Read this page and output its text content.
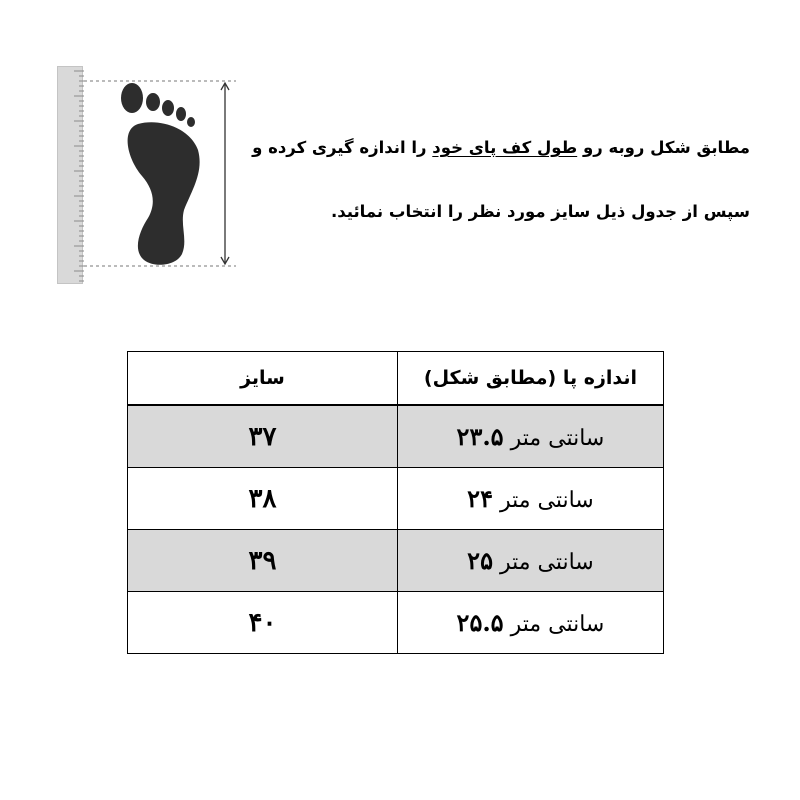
مطابق شکل روبه رو طول کف پای خود را اندازه گیری کرده و
سپس از جدول ذیل سایز مورد نظر را انتخاب نمائید.
اندازه پا (مطابق شکل)	سایز
سانتی متر ۲۳.۵	۳۷
سانتی متر ۲۴	۳۸
سانتی متر ۲۵	۳۹
سانتی متر ۲۵.۵	۴۰
